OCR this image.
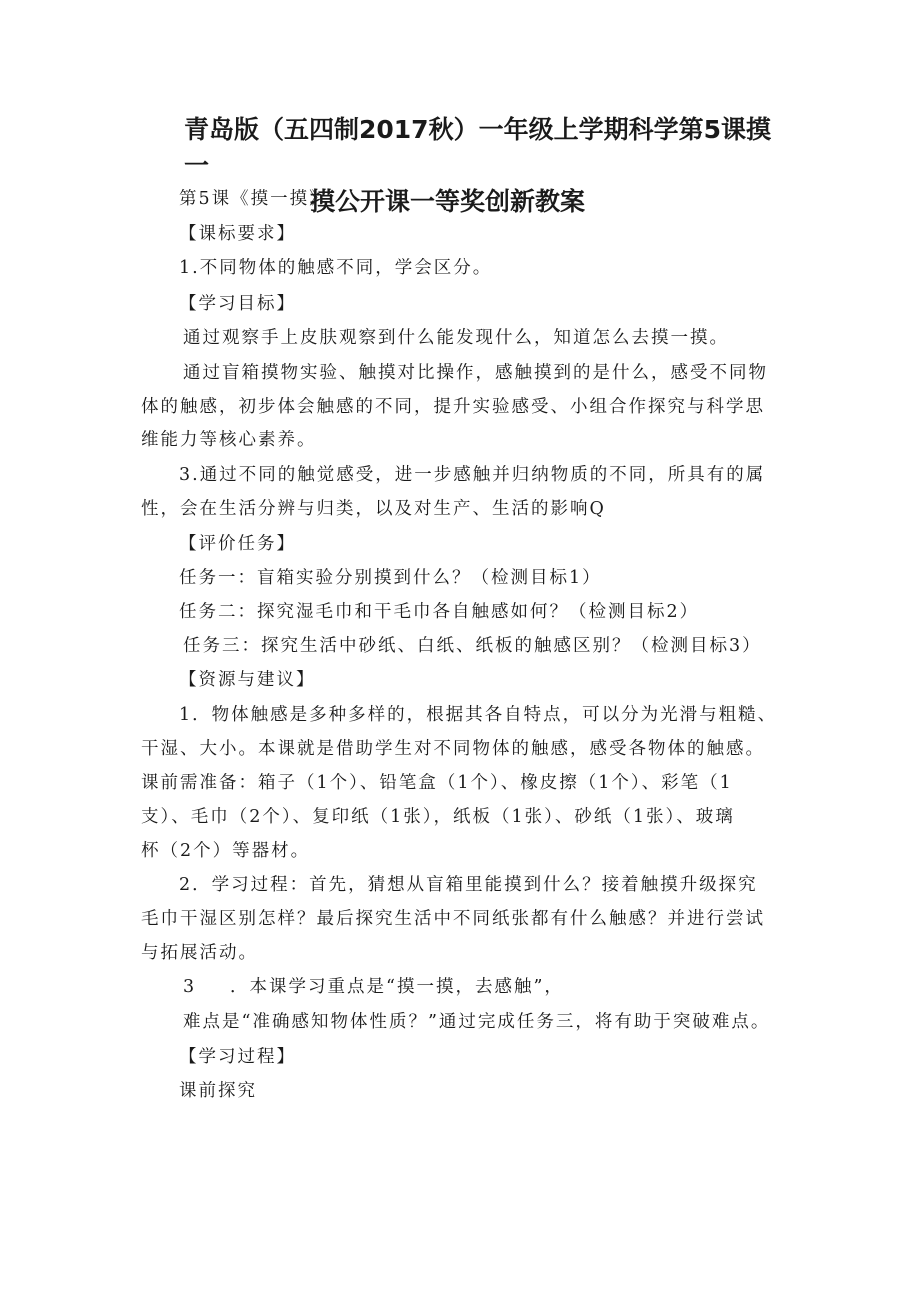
青岛版（五四制2017秋）一年级上学期科学第5课摸一
摸公开课一等奖创新教案
第5课《摸一摸》
【课标要求】
1.不同物体的触感不同，学会区分。
【学习目标】
通过观察手上皮肤观察到什么能发现什么，知道怎么去摸一摸。
通过盲箱摸物实验、触摸对比操作，感触摸到的是什么，感受不同物
体的触感，初步体会触感的不同，提升实验感受、小组合作探究与科学思
维能力等核心素养。
3.通过不同的触觉感受，进一步感触并归纳物质的不同，所具有的属
性，会在生活分辨与归类，以及对生产、生活的影响Q
【评价任务】
任务一：盲箱实验分别摸到什么？（检测目标1）
任务二：探究湿毛巾和干毛巾各自触感如何？（检测目标2）
任务三：探究生活中砂纸、白纸、纸板的触感区别？（检测目标3）
【资源与建议】
1．物体触感是多种多样的，根据其各自特点，可以分为光滑与粗糙、
干湿、大小。本课就是借助学生对不同物体的触感，感受各物体的触感。
课前需准备：箱子（1个）、铅笔盒（1个）、橡皮擦（1个）、彩笔（1
支）、毛巾（2个）、复印纸（1张），纸板（1张）、砂纸（1张）、玻璃
杯（2个）等器材。
2．学习过程：首先，猜想从盲箱里能摸到什么？接着触摸升级探究
毛巾干湿区别怎样？最后探究生活中不同纸张都有什么触感？并进行尝试
与拓展活动。
3 ．本课学习重点是“摸一摸，去感触”，
难点是“准确感知物体性质？”通过完成任务三，将有助于突破难点。
【学习过程】
课前探究
